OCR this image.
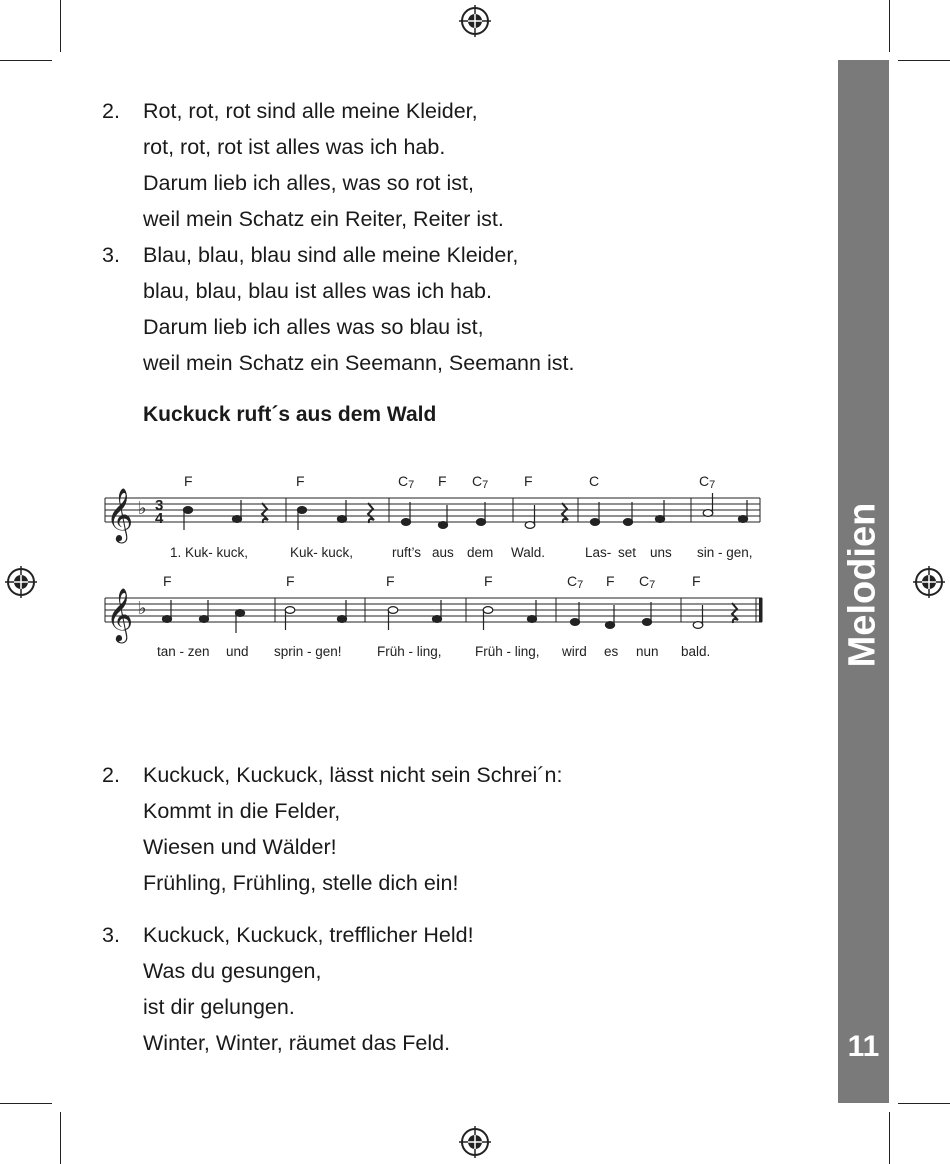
2. Rot, rot, rot sind alle meine Kleider,
rot, rot, rot ist alles was ich hab.
Darum lieb ich alles, was so rot ist,
weil mein Schatz ein Reiter, Reiter ist.
3. Blau, blau, blau sind alle meine Kleider,
blau, blau, blau ist alles was ich hab.
Darum lieb ich alles was so blau ist,
weil mein Schatz ein Seemann, Seemann ist.
Kuckuck ruft´s aus dem Wald
𝄞 ♭ 3
4
F	F	C7 F C7	F	C	C7
1. Kuk- kuck,	Kuk- kuck,	ruft’s aus dem Wald.	Las- set uns sin - gen,
𝄞 ♭
F	F	F	F	C7 F C7	F
tan - zen und sprin - gen!	Früh - ling, Früh - ling, wird es nun bald.
2. Kuckuck, Kuckuck, lässt nicht sein Schrei´n:
Kommt in die Felder,
Wiesen und Wälder!
Frühling, Frühling, stelle dich ein!
3. Kuckuck, Kuckuck, trefflicher Held!
Was du gesungen,
ist dir gelungen.
Winter, Winter, räumet das Feld.
Melodien
11
